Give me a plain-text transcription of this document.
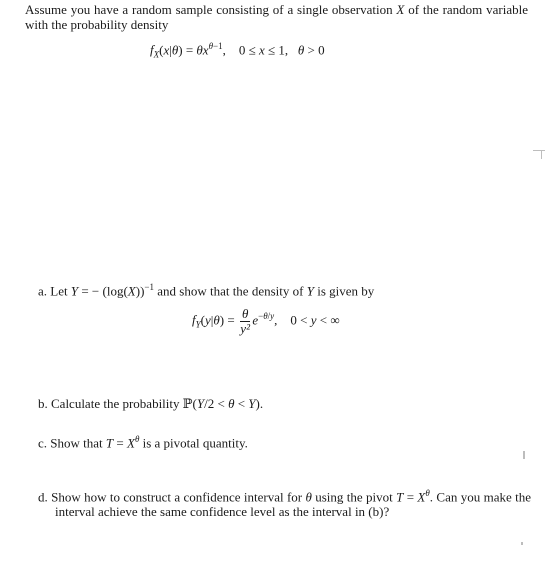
Assume you have a random sample consisting of a single observation X of the random variable with the probability density
$f_X(x|\theta) = \theta x^{\theta-1}$,    0 ≤ x ≤ 1,   θ > 0
a. Let Y = − $(\log(X))^{-1}$ and show that the density of Y is given by
$f_Y(y|\theta) = \frac{\theta}{\text{y²}} e^{-\theta/y}$,    0 < y < ∞
b. Calculate the probability ℙ(Y/2 < θ < Y).
c. Show that $T = X^\theta$ is a pivotal quantity.
d. Show how to construct a confidence interval for θ using the pivot $T = X^\theta$. Can you make the interval achieve the same confidence level as the interval in (b)?
